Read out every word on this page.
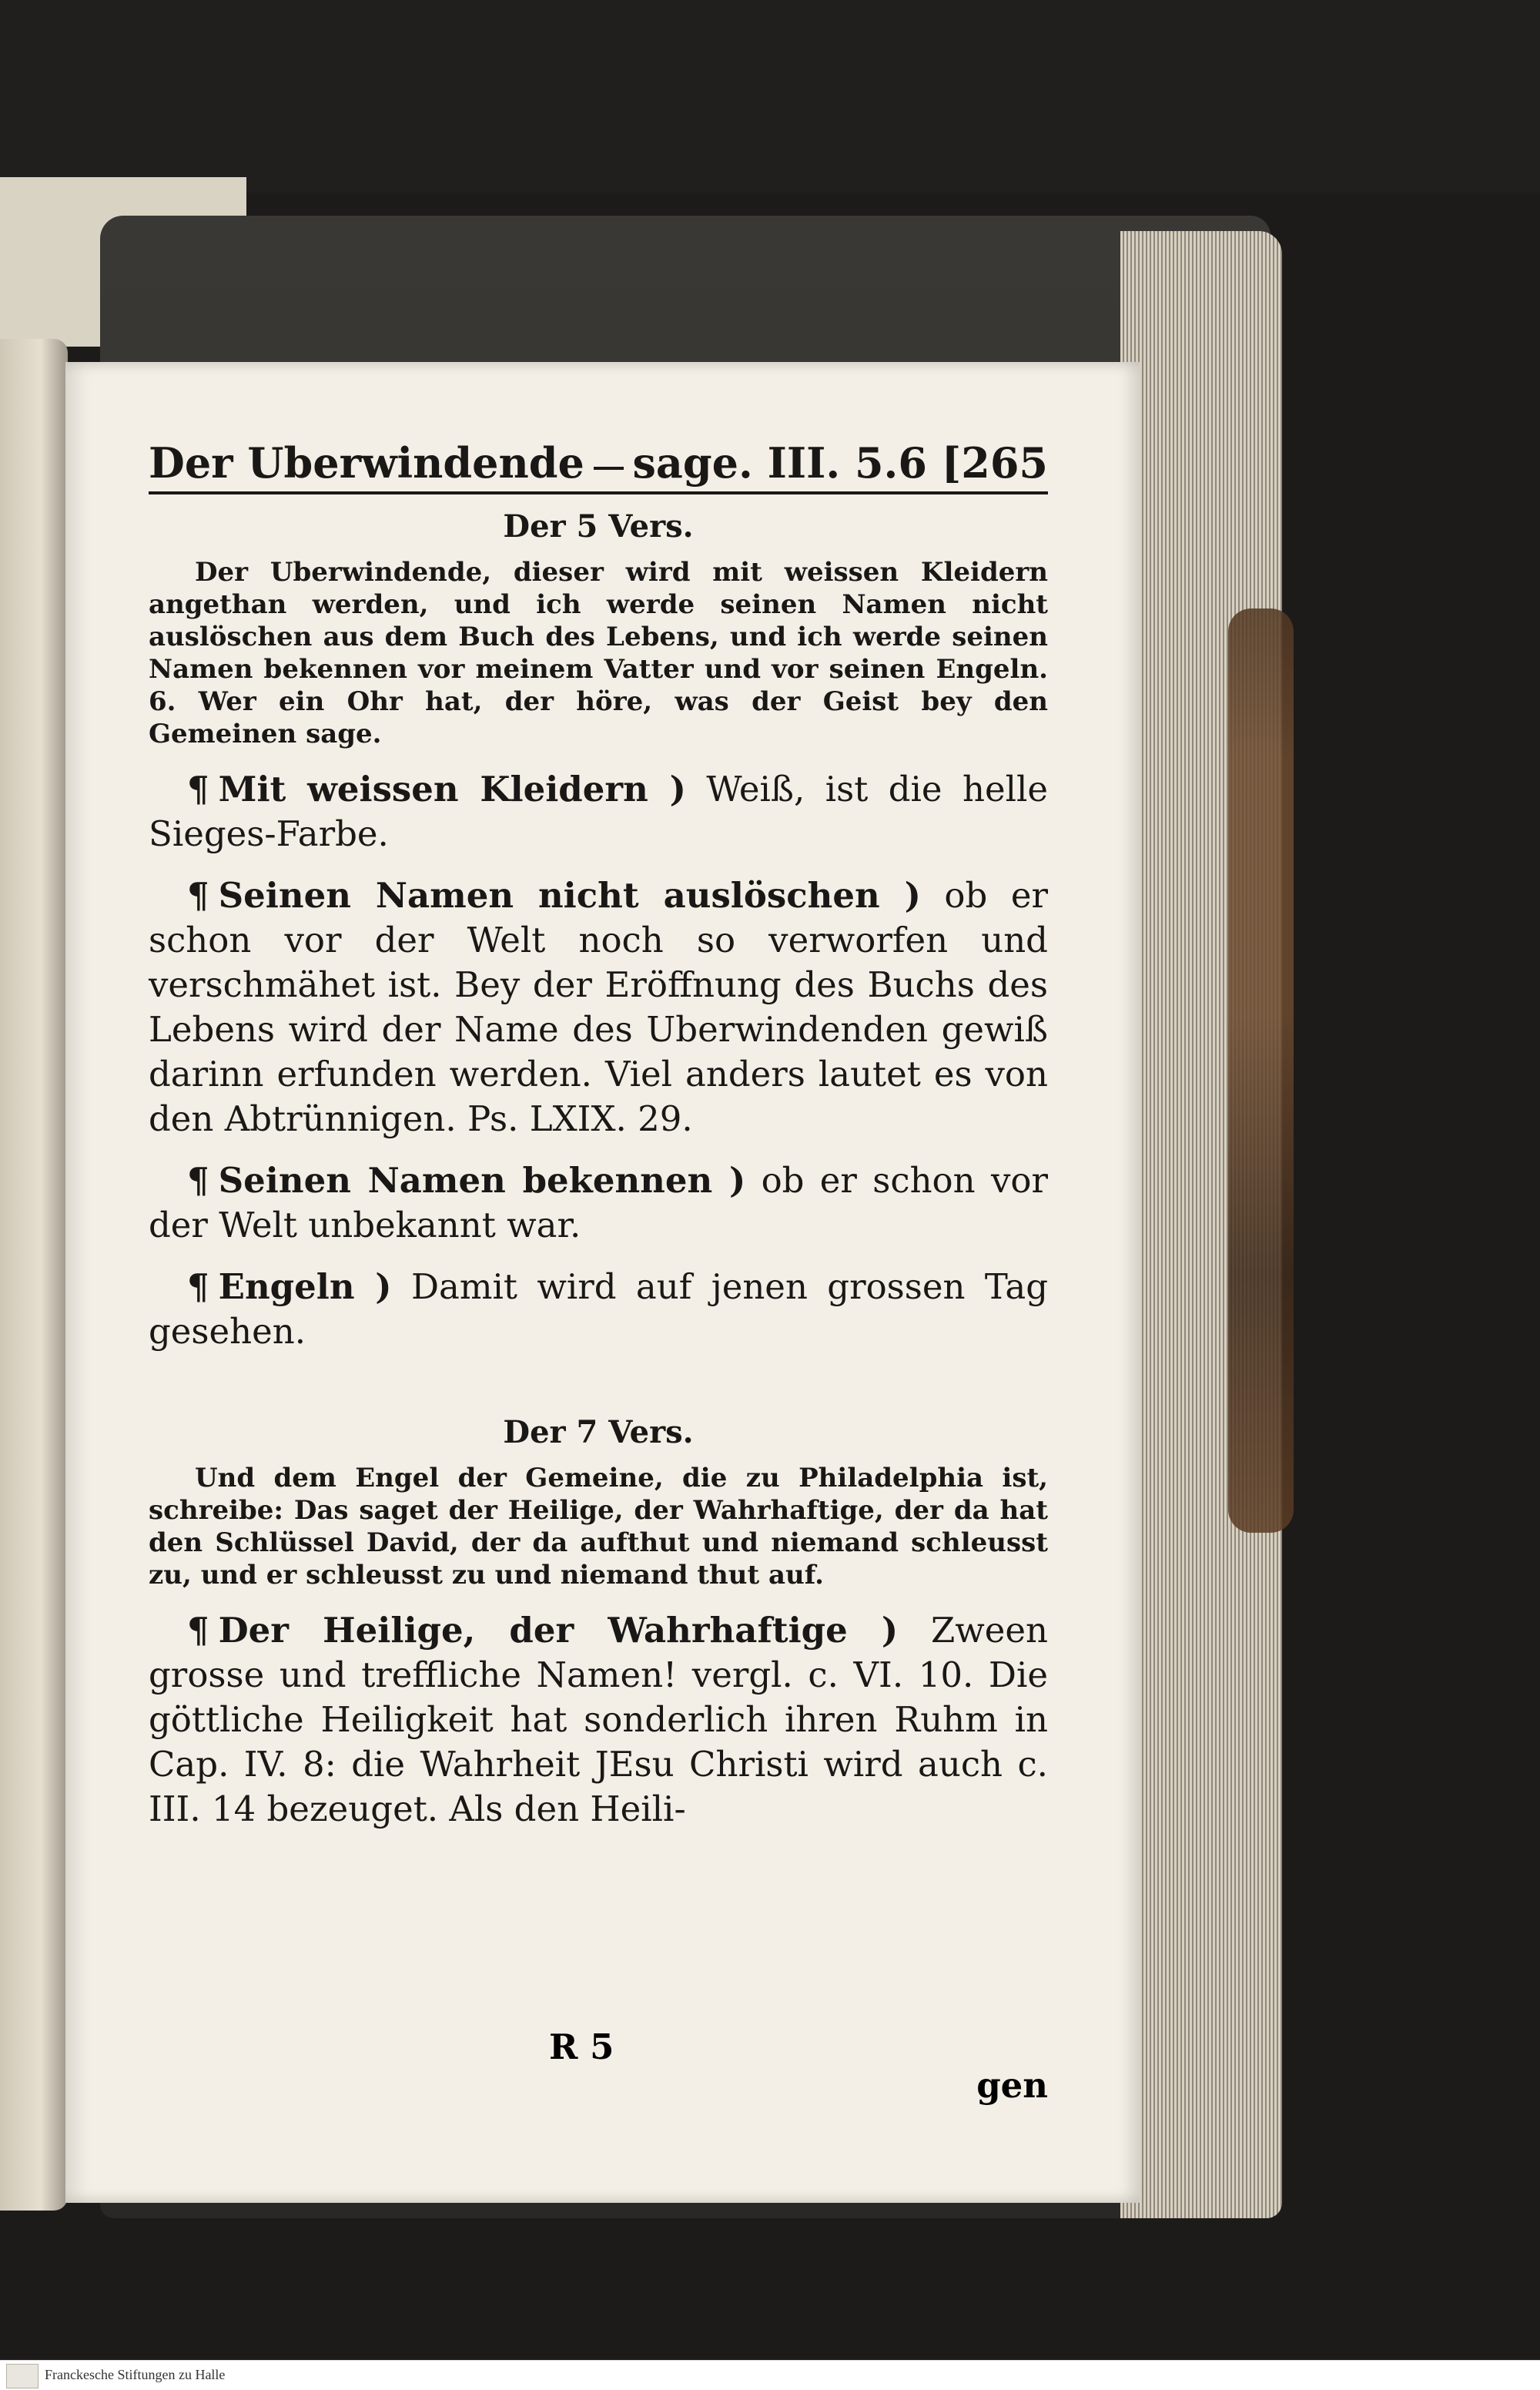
Der Uberwindende sage. III. 5.6 [265
Der 5 Vers.

Der Uberwindende, dieser wird mit weissen Kleidern angethan werden, und ich werde seinen Namen nicht auslöschen aus dem Buch des Lebens, und ich werde seinen Namen bekennen vor meinem Vatter und vor seinen Engeln. 6. Wer ein Ohr hat, der höre, was der Geist bey den Gemeinen sage.

¶ Mit weissen Kleidern ) Weiß, ist die helle Sieges-Farbe.

¶ Seinen Namen nicht auslöschen ) ob er schon vor der Welt noch so verworfen und verschmähet ist. Bey der Eröffnung des Buchs des Lebens wird der Name des Uberwindenden gewiß darinn erfunden werden. Viel anders lautet es von den Abtrünnigen. Ps. LXIX. 29.

¶ Seinen Namen bekennen ) ob er schon vor der Welt unbekannt war.

¶ Engeln ) Damit wird auf jenen grossen Tag gesehen.

Der 7 Vers.

Und dem Engel der Gemeine, die zu Philadelphia ist, schreibe: Das saget der Heilige, der Wahrhaftige, der da hat den Schlüssel David, der da aufthut und niemand schleusst zu, und er schleusst zu und niemand thut auf.

¶ Der Heilige, der Wahrhaftige ) Zween grosse und treffliche Namen! vergl. c. VI. 10. Die göttliche Heiligkeit hat sonderlich ihren Ruhm in Cap. IV. 8: die Wahrheit JEsu Christi wird auch c. III. 14 bezeuget. Als den Heili-

R 5
gen
Franckesche Stiftungen zu Halle
